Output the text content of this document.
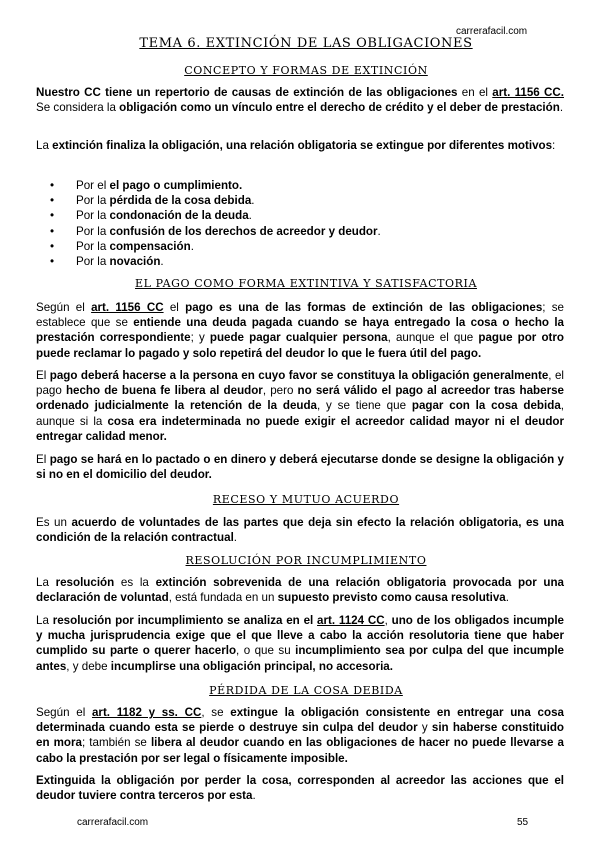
carrerafacil.com
TEMA 6. EXTINCIÓN DE LAS OBLIGACIONES
CONCEPTO Y FORMAS DE EXTINCIÓN

Nuestro CC tiene un repertorio de causas de extinción de las obligaciones en el art. 1156 CC. Se considera la obligación como un vínculo entre el derecho de crédito y el deber de prestación.

La extinción finaliza la obligación, una relación obligatoria se extingue por diferentes motivos:

• Por el el pago o cumplimiento.
• Por la pérdida de la cosa debida.
• Por la condonación de la deuda.
• Por la confusión de los derechos de acreedor y deudor.
• Por la compensación.
• Por la novación.
EL PAGO COMO FORMA EXTINTIVA Y SATISFACTORIA

Según el art. 1156 CC el pago es una de las formas de extinción de las obligaciones; se establece que se entiende una deuda pagada cuando se haya entregado la cosa o hecho la prestación correspondiente; y puede pagar cualquier persona, aunque el que pague por otro puede reclamar lo pagado y solo repetirá del deudor lo que le fuera útil del pago.

El pago deberá hacerse a la persona en cuyo favor se constituya la obligación generalmente, el pago hecho de buena fe libera al deudor, pero no será válido el pago al acreedor tras haberse ordenado judicialmente la retención de la deuda, y se tiene que pagar con la cosa debida, aunque si la cosa era indeterminada no puede exigir el acreedor calidad mayor ni el deudor entregar calidad menor.

El pago se hará en lo pactado o en dinero y deberá ejecutarse donde se designe la obligación y si no en el domicilio del deudor.

RECESO Y MUTUO ACUERDO

Es un acuerdo de voluntades de las partes que deja sin efecto la relación obligatoria, es una condición de la relación contractual.

RESOLUCIÓN POR INCUMPLIMIENTO

La resolución es la extinción sobrevenida de una relación obligatoria provocada por una declaración de voluntad, está fundada en un supuesto previsto como causa resolutiva.

La resolución por incumplimiento se analiza en el art. 1124 CC, uno de los obligados incumple y mucha jurisprudencia exige que el que lleve a cabo la acción resolutoria tiene que haber cumplido su parte o querer hacerlo, o que su incumplimiento sea por culpa del que incumple antes, y debe incumplirse una obligación principal, no accesoria.

PÉRDIDA DE LA COSA DEBIDA

Según el art. 1182 y ss. CC, se extingue la obligación consistente en entregar una cosa determinada cuando esta se pierde o destruye sin culpa del deudor y sin haberse constituido en mora; también se libera al deudor cuando en las obligaciones de hacer no puede llevarse a cabo la prestación por ser legal o físicamente imposible.

Extinguida la obligación por perder la cosa, corresponden al acreedor las acciones que el deudor tuviere contra terceros por esta.

carrerafacil.com	55
